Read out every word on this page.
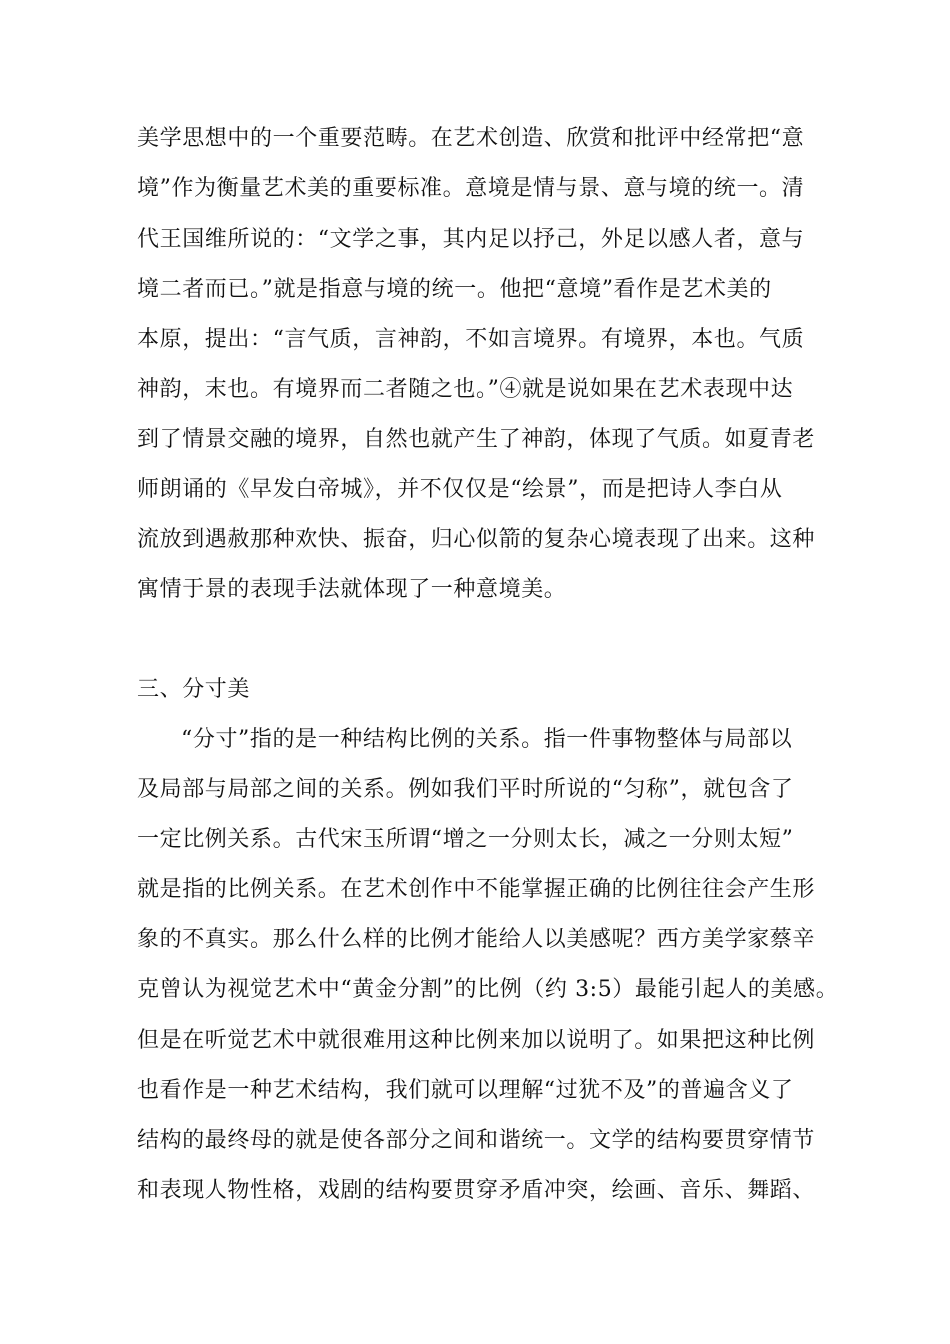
美学思想中的一个重要范畴。在艺术创造、欣赏和批评中经常把“意
境”作为衡量艺术美的重要标准。意境是情与景、意与境的统一。清
代王国维所说的：“文学之事，其内足以抒己，外足以感人者，意与
境二者而已。”就是指意与境的统一。他把“意境”看作是艺术美的
本原，提出：“言气质，言神韵，不如言境界。有境界，本也。气质
神韵，末也。有境界而二者随之也。”④就是说如果在艺术表现中达
到了情景交融的境界，自然也就产生了神韵，体现了气质。如夏青老
师朗诵的《早发白帝城》，并不仅仅是“绘景”，而是把诗人李白从
流放到遇赦那种欢快、振奋，归心似箭的复杂心境表现了出来。这种
寓情于景的表现手法就体现了一种意境美。
三、分寸美
“分寸”指的是一种结构比例的关系。指一件事物整体与局部以
及局部与局部之间的关系。例如我们平时所说的“匀称”，就包含了
一定比例关系。古代宋玉所谓“增之一分则太长，减之一分则太短”
就是指的比例关系。在艺术创作中不能掌握正确的比例往往会产生形
象的不真实。那么什么样的比例才能给人以美感呢？西方美学家蔡辛
克曾认为视觉艺术中“黄金分割”的比例（约 3:5）最能引起人的美感。
但是在听觉艺术中就很难用这种比例来加以说明了。如果把这种比例
也看作是一种艺术结构，我们就可以理解“过犹不及”的普遍含义了
结构的最终母的就是使各部分之间和谐统一。文学的结构要贯穿情节
和表现人物性格，戏剧的结构要贯穿矛盾冲突，绘画、音乐、舞蹈、
